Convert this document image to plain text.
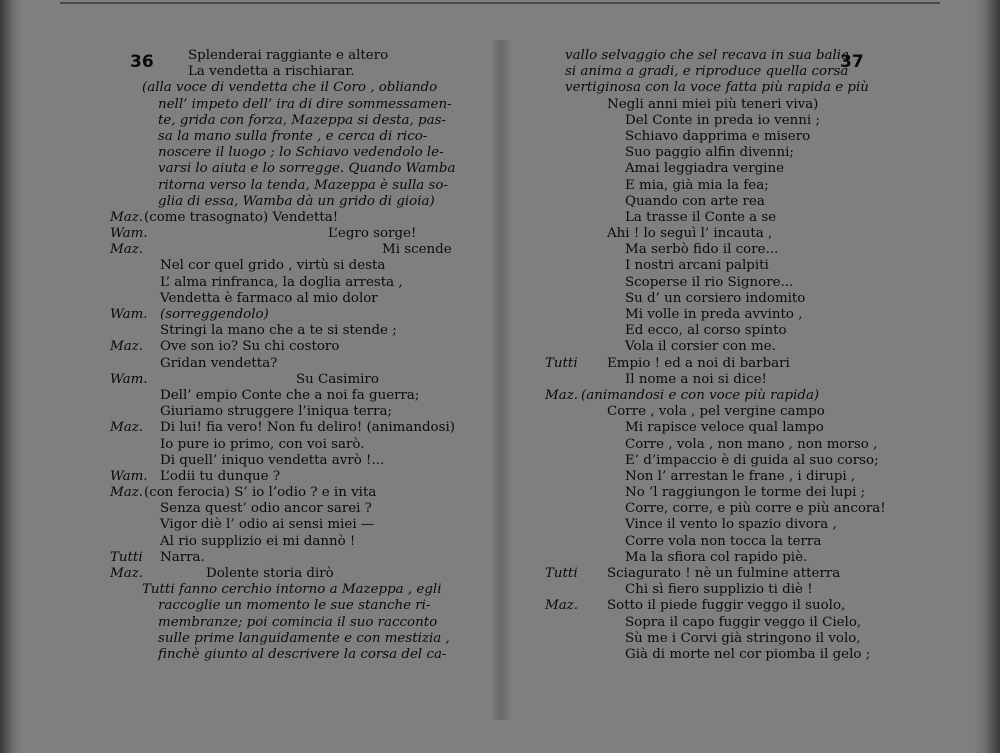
36	37
Splenderai raggiante e altero
La vendetta a rischiarar.
(alla voce di vendetta che il Coro , obliando
nell’ impeto dell’ ira di dire sommessamen-
te, grida con forza, Mazeppa si desta, pas-
sa la mano sulla fronte , e cerca di rico-
noscere il luogo ; lo Schiavo vedendolo le-
varsi lo aiuta e lo sorregge. Quando Wamba
ritorna verso la tenda, Mazeppa è sulla so-
glia di essa, Wamba dà un grido di gioia)
Maz. (come trasognato) Vendetta!
Wam.	L’egro sorge!
Maz.	Mi scende
Nel cor quel grido , virtù si desta
L’ alma rinfranca, la doglia arresta ,
Vendetta è farmaco al mio dolor
Wam. (sorreggendolo)
Stringi la mano che a te si stende ;
Maz. Ove son io? Su chi costoro
Gridan vendetta?
Wam.	Su Casimiro
Dell’ empio Conte che a noi fa guerra;
Giuriamo struggere l’iniqua terra;
Maz. Di lui! fia vero! Non fu deliro! (animandosi)
Io pure io primo, con voi sarò.
Di quell’ iniquo vendetta avrò !...
Wam. L’odii tu dunque ?
Maz. (con ferocia) S’ io l’odio ? e in vita
Senza quest’ odio ancor sarei ?
Vigor diè l’ odio ai sensi miei —
Al rio supplizio ei mi dannò !
Tutti Narra.
Maz.	Dolente storia dirò
Tutti fanno cerchio intorno a Mazeppa , egli
raccoglie un momento le sue stanche ri-
membranze; poi comincia il suo racconto
sulle prime languidamente e con mestizia ,
finchè giunto al descrivere la corsa del ca-
vallo selvaggio che sel recava in sua balia
si anima a gradi, e riproduce quella corsa
vertiginosa con la voce fatta più rapida e più
Negli anni miei più teneri viva)
Del Conte in preda io venni ;
Schiavo dapprima e misero
Suo paggio alfin divenni;
Amai leggiadra vergine
E mia, già mia la fea;
Quando con arte rea
La trasse il Conte a se
Ahi ! lo seguì l’ incauta ,
Ma serbò fido il core...
I nostri arcani palpiti
Scoperse il rio Signore...
Su d’ un corsiero indomito
Mi volle in preda avvinto ,
Ed ecco, al corso spinto
Vola il corsier con me.
Tutti Empio ! ed a noi di barbari
Il nome a noi si dice!
Maz. (animandosi e con voce più rapida)
Corre , vola , pel vergine campo
Mi rapisce veloce qual lampo
Corre , vola , non mano , non morso ,
E’ d’impaccio è di guida al suo corso;
Non l’ arrestan le frane , i dirupi ,
No ’l raggiungon le torme dei lupi ;
Corre, corre, e più corre e più ancora!
Vince il vento lo spazio divora ,
Corre vola non tocca la terra
Ma la sfiora col rapido piè.
Tutti Sciagurato ! nè un fulmine atterra
Chi sì fiero supplizio ti diè !
Maz. Sotto il piede fuggir veggo il suolo,
Sopra il capo fuggir veggo il Cielo,
Sù me i Corvi già stringono il volo,
Già di morte nel cor piomba il gelo ;
